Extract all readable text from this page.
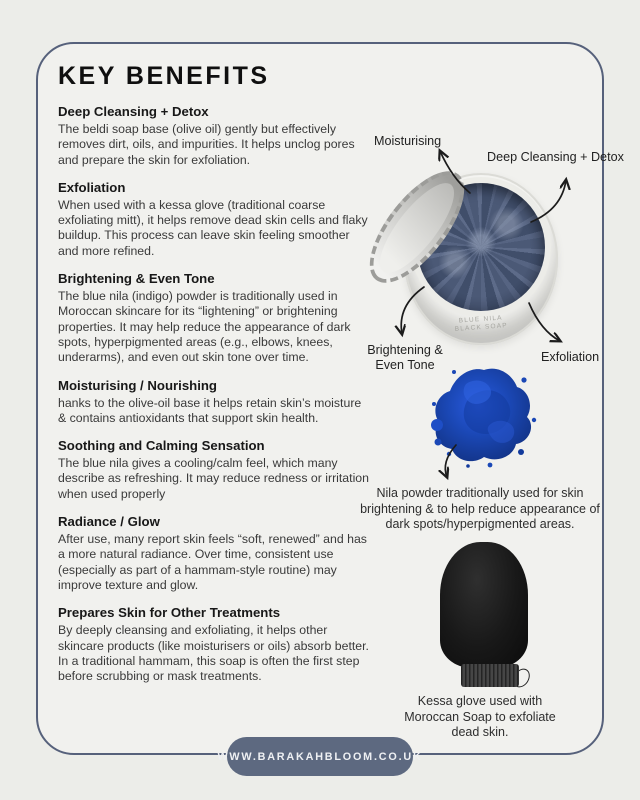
KEY BENEFITS
Deep Cleansing + Detox

The beldi soap base (olive oil) gently but effectively removes dirt, oils, and impurities. It helps unclog pores and prepare the skin for exfoliation.

Exfoliation

When used with a kessa glove (traditional coarse exfoliating mitt), it helps remove dead skin cells and flaky buildup. This process can leave skin feeling smoother and more refined.

Brightening & Even Tone

The blue nila (indigo) powder is traditionally used in Moroccan skincare for its “lightening” or brightening properties. It may help reduce the appearance of dark spots, hyperpigmented areas (e.g., elbows, knees, underarms), and even out skin tone over time.

Moisturising / Nourishing

hanks to the olive-oil base it helps retain skin’s moisture & contains antioxidants that support skin health.

Soothing and Calming Sensation

The blue nila gives a cooling/calm feel, which many describe as refreshing. It may reduce redness or irritation when used properly

Radiance / Glow

After use, many report skin feels “soft, renewed” and has a more natural radiance. Over time, consistent use (especially as part of a hammam-style routine) may improve texture and glow.

Prepares Skin for Other Treatments

By deeply cleansing and exfoliating, it helps other skincare products (like moisturisers or oils) absorb better. In a traditional hammam, this soap is often the first step before scrubbing or mask treatments.

Moisturising
Deep Cleansing + Detox
Brightening & Even Tone
Exfoliation
BLUE NILA
BLACK SOAP
Nila powder traditionally used for skin brightening & to help reduce appearance of dark spots/hyperpigmented areas.
Kessa glove used with Moroccan Soap to exfoliate dead skin.
WWW.BARAKAHBLOOM.CO.UK
